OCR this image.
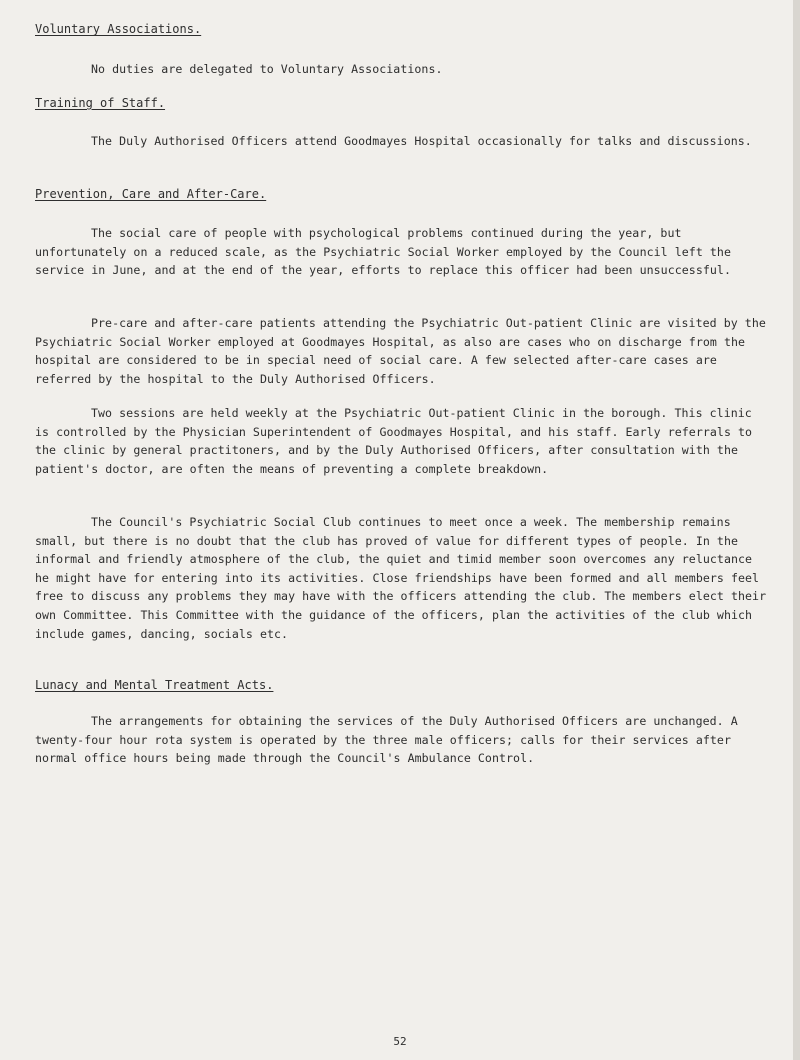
Voluntary Associations.

No duties are delegated to Voluntary Associations.

Training of Staff.

The Duly Authorised Officers attend Goodmayes Hospital occasionally for talks and discussions.

Prevention, Care and After-Care.

The social care of people with psychological problems continued during the year, but unfortunately on a reduced scale, as the Psychiatric Social Worker employed by the Council left the service in June, and at the end of the year, efforts to replace this officer had been unsuccessful.

Pre-care and after-care patients attending the Psychiatric Out-patient Clinic are visited by the Psychiatric Social Worker employed at Goodmayes Hospital, as also are cases who on discharge from the hospital are considered to be in special need of social care. A few selected after-care cases are referred by the hospital to the Duly Authorised Officers.

Two sessions are held weekly at the Psychiatric Out-patient Clinic in the borough. This clinic is controlled by the Physician Superintendent of Goodmayes Hospital, and his staff. Early referrals to the clinic by general practitoners, and by the Duly Authorised Officers, after consultation with the patient's doctor, are often the means of preventing a complete breakdown.

The Council's Psychiatric Social Club continues to meet once a week. The membership remains small, but there is no doubt that the club has proved of value for different types of people. In the informal and friendly atmosphere of the club, the quiet and timid member soon overcomes any reluctance he might have for entering into its activities. Close friendships have been formed and all members feel free to discuss any problems they may have with the officers attending the club. The members elect their own Committee. This Committee with the guidance of the officers, plan the activities of the club which include games, dancing, socials etc.

Lunacy and Mental Treatment Acts.

The arrangements for obtaining the services of the Duly Authorised Officers are unchanged. A twenty-four hour rota system is operated by the three male officers; calls for their services after normal office hours being made through the Council's Ambulance Control.

52
